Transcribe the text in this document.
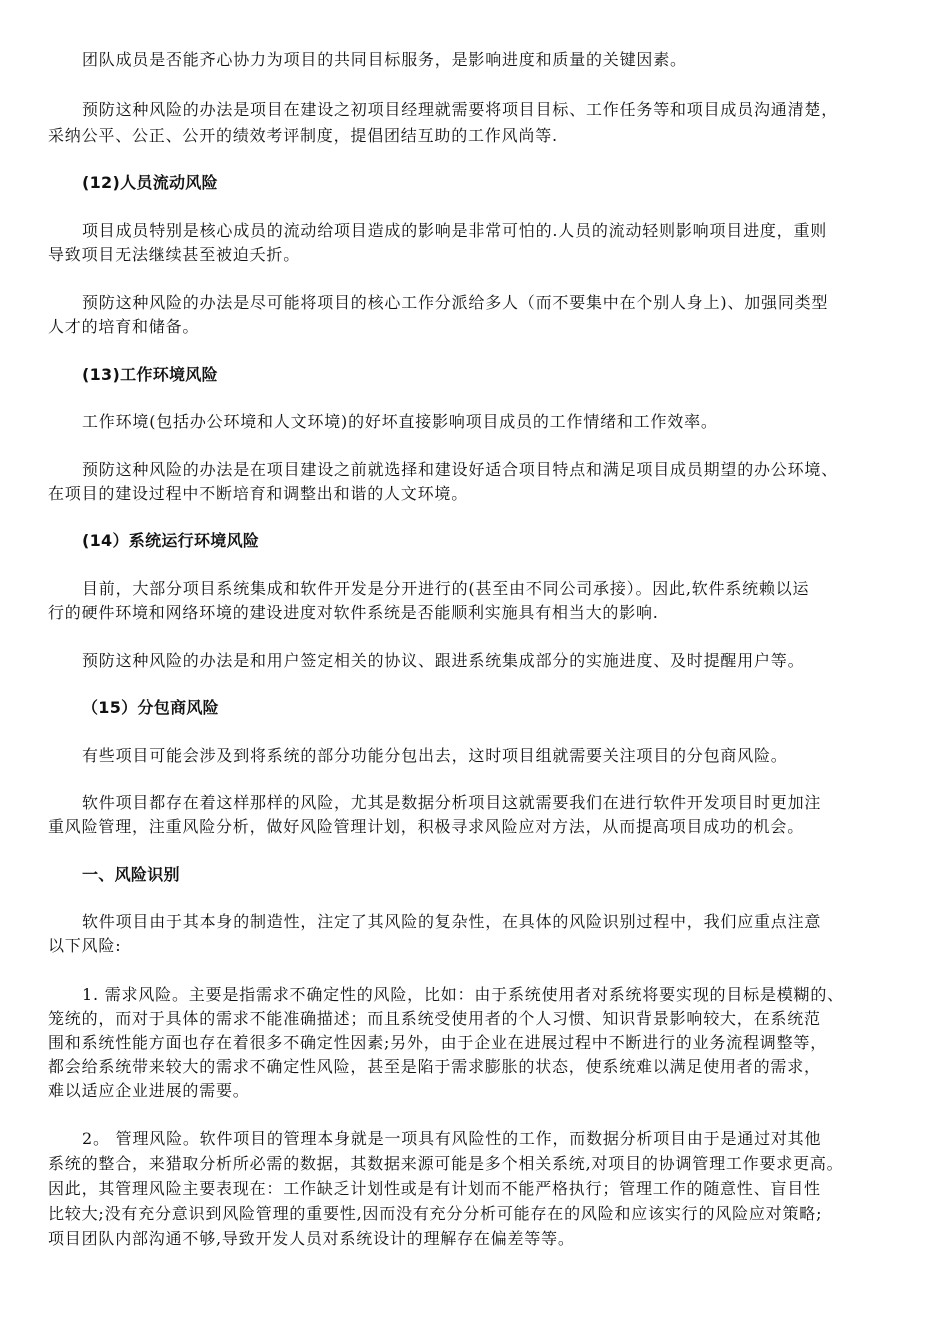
团队成员是否能齐心协力为项目的共同目标服务，是影响进度和质量的关键因素。
预防这种风险的办法是项目在建设之初项目经理就需要将项目目标、工作任务等和项目成员沟通清楚，
采纳公平、公正、公开的绩效考评制度，提倡团结互助的工作风尚等.
(12)人员流动风险
项目成员特别是核心成员的流动给项目造成的影响是非常可怕的.人员的流动轻则影响项目进度，重则
导致项目无法继续甚至被迫夭折。
预防这种风险的办法是尽可能将项目的核心工作分派给多人（而不要集中在个别人身上)、加强同类型
人才的培育和储备。
(13)工作环境风险
工作环境(包括办公环境和人文环境)的好坏直接影响项目成员的工作情绪和工作效率。
预防这种风险的办法是在项目建设之前就选择和建设好适合项目特点和满足项目成员期望的办公环境、
在项目的建设过程中不断培育和调整出和谐的人文环境。
(14）系统运行环境风险
目前，大部分项目系统集成和软件开发是分开进行的(甚至由不同公司承接）。因此,软件系统赖以运
行的硬件环境和网络环境的建设进度对软件系统是否能顺利实施具有相当大的影响.
预防这种风险的办法是和用户签定相关的协议、跟进系统集成部分的实施进度、及时提醒用户等。
（15）分包商风险
有些项目可能会涉及到将系统的部分功能分包出去，这时项目组就需要关注项目的分包商风险。
软件项目都存在着这样那样的风险，尤其是数据分析项目这就需要我们在进行软件开发项目时更加注
重风险管理，注重风险分析，做好风险管理计划，积极寻求风险应对方法，从而提高项目成功的机会。
一、风险识别
软件项目由于其本身的制造性，注定了其风险的复杂性，在具体的风险识别过程中，我们应重点注意
以下风险:
1. 需求风险。主要是指需求不确定性的风险，比如：由于系统使用者对系统将要实现的目标是模糊的、
笼统的，而对于具体的需求不能准确描述；而且系统受使用者的个人习惯、知识背景影响较大，在系统范
围和系统性能方面也存在着很多不确定性因素;另外，由于企业在进展过程中不断进行的业务流程调整等，
都会给系统带来较大的需求不确定性风险，甚至是陷于需求膨胀的状态，使系统难以满足使用者的需求，
难以适应企业进展的需要。
2。 管理风险。软件项目的管理本身就是一项具有风险性的工作，而数据分析项目由于是通过对其他
系统的整合，来猎取分析所必需的数据，其数据来源可能是多个相关系统,对项目的协调管理工作要求更高。
因此，其管理风险主要表现在：工作缺乏计划性或是有计划而不能严格执行；管理工作的随意性、盲目性
比较大;没有充分意识到风险管理的重要性,因而没有充分分析可能存在的风险和应该实行的风险应对策略;
项目团队内部沟通不够,导致开发人员对系统设计的理解存在偏差等等。
